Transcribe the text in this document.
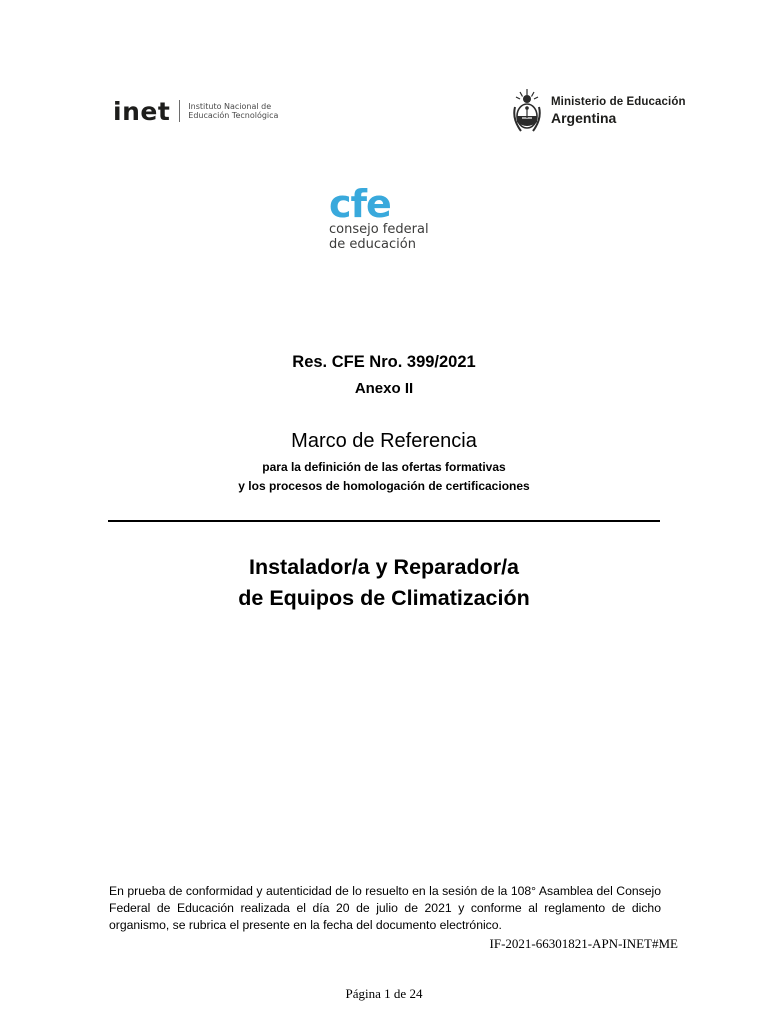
inet Instituto Nacional de
Educación Tecnológica
Ministerio de Educación
Argentina
cfe
consejo federal
de educación
Res. CFE Nro. 399/2021
Anexo II
Marco de Referencia
para la definición de las ofertas formativas
y los procesos de homologación de certificaciones
Instalador/a y Reparador/a
de Equipos de Climatización
En prueba de conformidad y autenticidad de lo resuelto en la sesión de la 108° Asamblea del Consejo Federal de Educación realizada el día 20 de julio de 2021 y conforme al reglamento de dicho organismo, se rubrica el presente en la fecha del documento electrónico.
IF-2021-66301821-APN-INET#ME
Página 1 de 24
